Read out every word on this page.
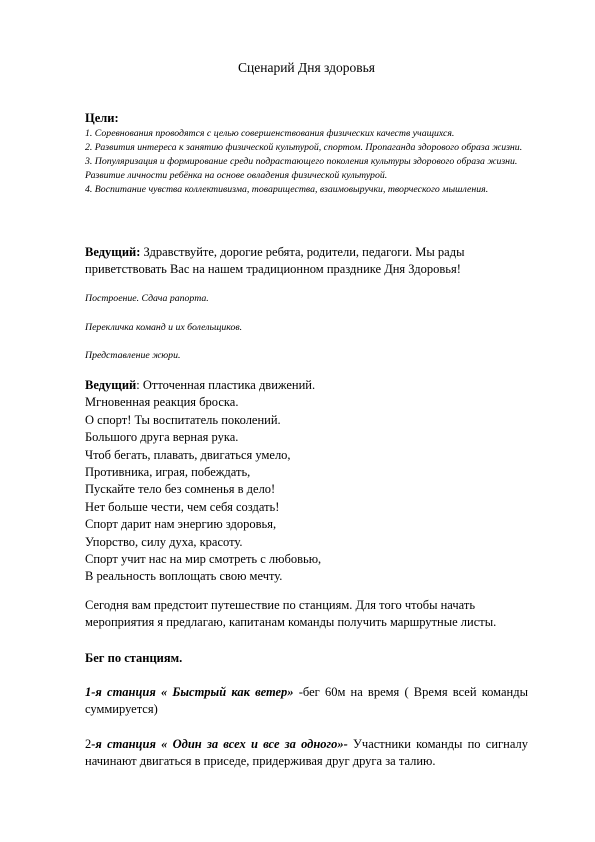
Сценарий Дня здоровья
Цели:
1. Соревнования проводятся с целью совершенствования физических качеств учащихся.
2. Развития интереса к занятию физической культурой, спортом. Пропаганда здорового образа жизни.
3. Популяризация и формирование среди подрастающего поколения культуры здорового образа жизни. Развитие личности ребёнка на основе овладения физической культурой.
4. Воспитание чувства коллективизма, товарищества, взаимовыручки, творческого мышления.

Ведущий: Здравствуйте, дорогие ребята, родители, педагоги. Мы рады приветствовать Вас на нашем традиционном празднике Дня Здоровья!

Построение. Сдача рапорта.
Перекличка команд и их болельщиков.
Представление жюри.
Ведущий: Отточенная пластика движений.
Мгновенная реакция броска.
О спорт! Ты воспитатель поколений.
Большого друга верная рука.
Чтоб бегать, плавать, двигаться умело,
Противника, играя, побеждать,
Пускайте тело без сомненья в дело!
Нет больше чести, чем себя создать!
Спорт дарит нам энергию здоровья,
Упорство, силу духа, красоту.
Спорт учит нас на мир смотреть с любовью,
В реальность воплощать свою мечту.

Сегодня вам предстоит путешествие по станциям. Для того чтобы начать мероприятия я предлагаю, капитанам команды получить маршрутные листы.

Бег по станциям.

1-я станция « Быстрый как ветер» -бег 60м на время ( Время всей команды суммируется)

2-я станция « Один за всех и все за одного»- Участники команды по сигналу начинают двигаться в приседе, придерживая друг друга за талию.
